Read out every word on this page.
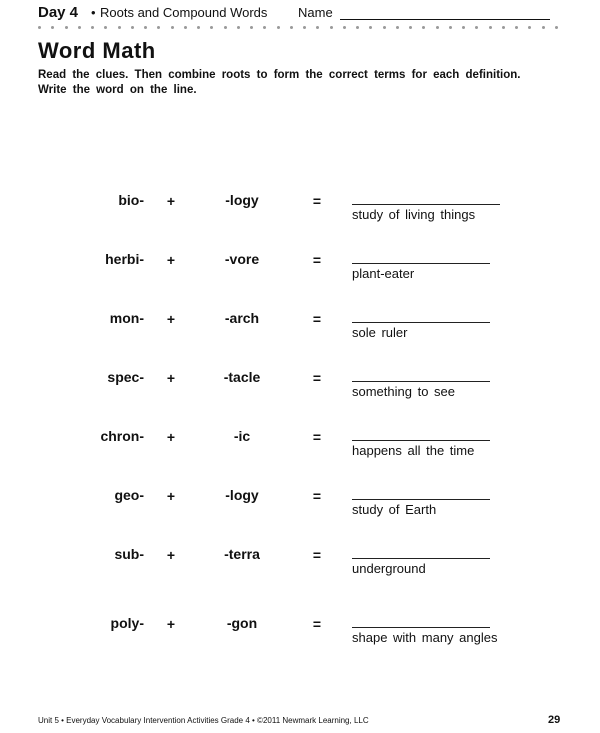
Day 4 • Roots and Compound Words Name
Word Math
Read the clues. Then combine roots to form the correct terms for each definition. Write the word on the line.
bio- +	-logy	=
study of living things
herbi- +	-vore	=
plant-eater
mon- +	-arch	=
sole ruler
spec- +	-tacle	=
something to see
chron- +	-ic	=
happens all the time
geo- +	-logy	=
study of Earth
sub- +	-terra	=
underground
poly- +	-gon	=
shape with many angles
Unit 5 • Everyday Vocabulary Intervention Activities Grade 4 • ©2011 Newmark Learning, LLC	29
